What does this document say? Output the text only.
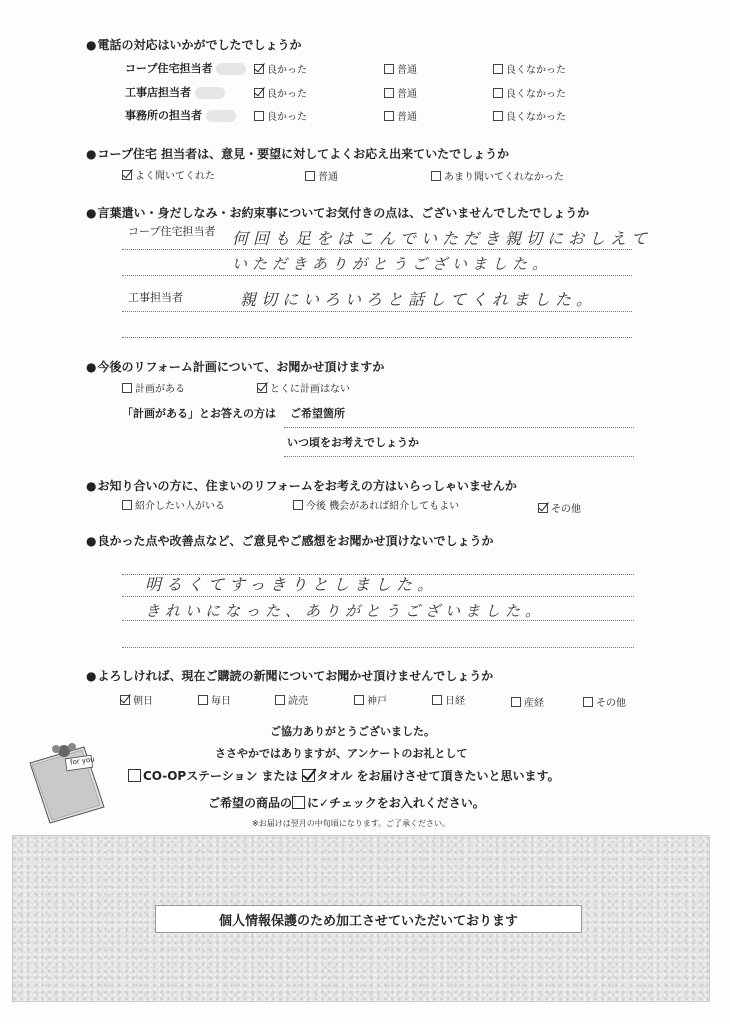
● 電話の対応はいかがでしたでしょうか
コープ住宅担当者	良かった	普通	良くなかった
工事店担当者	良かった	普通	良くなかった
事務所の担当者	良かった	普通	良くなかった
● コープ住宅 担当者は、意見・要望に対してよくお応え出来ていたでしょうか
よく聞いてくれた	普通	あまり聞いてくれなかった
● 言葉遣い・身だしなみ・お約束事についてお気付きの点は、ございませんでしたでしょうか
コープ住宅担当者 何回も足をはこんでいただき親切におしえて
いただきありがとうございました。
工事担当者	親切にいろいろと話してくれました。
● 今後のリフォーム計画について、お聞かせ頂けますか
計画がある	とくに計画はない
「計画がある」とお答えの方は ご希望箇所
いつ頃をお考えでしょうか
● お知り合いの方に、住まいのリフォームをお考えの方はいらっしゃいませんか
紹介したい人がいる	今後 機会があれば紹介してもよい	その他
● 良かった点や改善点など、ご意見やご感想をお聞かせ頂けないでしょうか
明るくてすっきりとしました。
きれいになった、ありがとうございました。
● よろしければ、現在ご購読の新聞についてお聞かせ頂けませんでしょうか
朝日	毎日	読売	神戸	日経	産経	その他
for you
ご協力ありがとうございました。
ささやかではありますが、アンケートのお礼として
CO-OPステーション または タオル をお届けさせて頂きたいと思います。
ご希望の商品の に✓チェックをお入れください。
※お届けは翌月の中旬頃になります。ご了承ください。
個人情報保護のため加工させていただいております
